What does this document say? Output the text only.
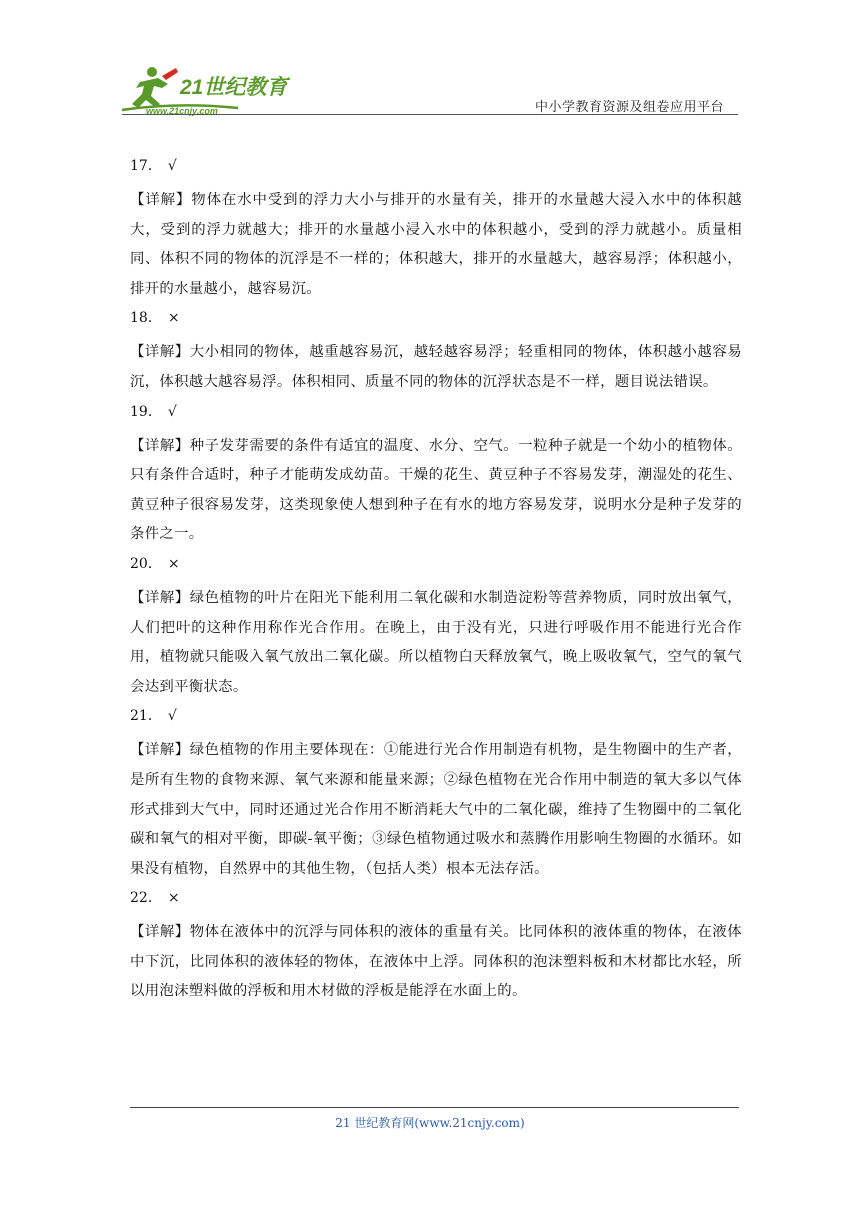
21世纪教育
www.21cnjy.com	中小学教育资源及组卷应用平台

17． √

【详解】物体在水中受到的浮力大小与排开的水量有关，排开的水量越大浸入水中的体积越大，受到的浮力就越大；排开的水量越小浸入水中的体积越小，受到的浮力就越小。质量相同、体积不同的物体的沉浮是不一样的；体积越大，排开的水量越大，越容易浮；体积越小，排开的水量越小，越容易沉。

18． ×

【详解】大小相同的物体，越重越容易沉，越轻越容易浮；轻重相同的物体，体积越小越容易沉，体积越大越容易浮。体积相同、质量不同的物体的沉浮状态是不一样，题目说法错误。

19． √

【详解】种子发芽需要的条件有适宜的温度、水分、空气。一粒种子就是一个幼小的植物体。只有条件合适时，种子才能萌发成幼苗。干燥的花生、黄豆种子不容易发芽，潮湿处的花生、黄豆种子很容易发芽，这类现象使人想到种子在有水的地方容易发芽，说明水分是种子发芽的条件之一。

20． ×

【详解】绿色植物的叶片在阳光下能利用二氧化碳和水制造淀粉等营养物质，同时放出氧气，人们把叶的这种作用称作光合作用。在晚上，由于没有光，只进行呼吸作用不能进行光合作用，植物就只能吸入氧气放出二氧化碳。所以植物白天释放氧气，晚上吸收氧气，空气的氧气会达到平衡状态。

21． √

【详解】绿色植物的作用主要体现在：①能进行光合作用制造有机物，是生物圈中的生产者，是所有生物的食物来源、氧气来源和能量来源；②绿色植物在光合作用中制造的氧大多以气体形式排到大气中，同时还通过光合作用不断消耗大气中的二氧化碳，维持了生物圈中的二氧化碳和氧气的相对平衡，即碳-氧平衡；③绿色植物通过吸水和蒸腾作用影响生物圈的水循环。如果没有植物，自然界中的其他生物，（包括人类）根本无法存活。

22． ×

【详解】物体在液体中的沉浮与同体积的液体的重量有关。比同体积的液体重的物体，在液体中下沉，比同体积的液体轻的物体，在液体中上浮。同体积的泡沫塑料板和木材都比水轻，所以用泡沫塑料做的浮板和用木材做的浮板是能浮在水面上的。

21 世纪教育网(www.21cnjy.com)
